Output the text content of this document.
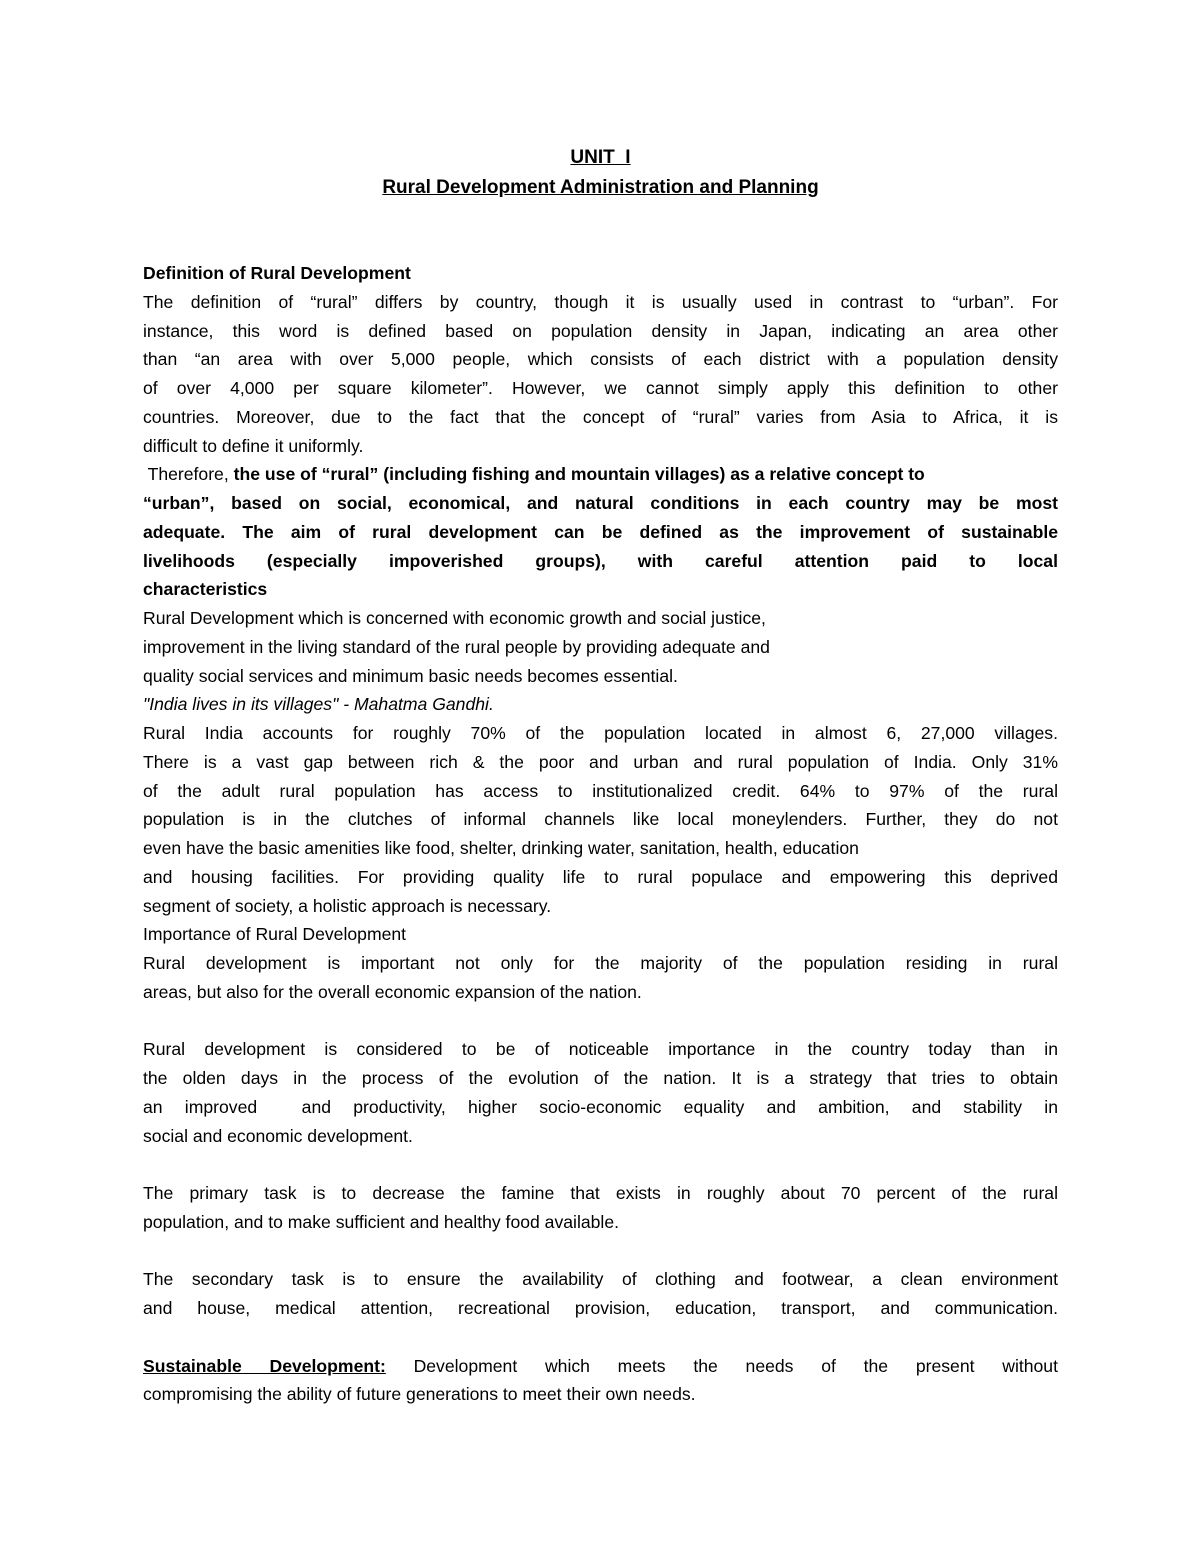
UNIT  I
Rural Development Administration and Planning
Definition of Rural Development
The definition of “rural” differs by country, though it is usually used in contrast to “urban”. For
instance, this word is defined based on population density in Japan, indicating an area other
than “an area with over 5,000 people, which consists of each district with a population density
of over 4,000 per square kilometer”. However, we cannot simply apply this definition to other
countries. Moreover, due to the fact that the concept of “rural” varies from Asia to Africa, it is
difficult to define it uniformly.
Therefore, the use of “rural” (including fishing and mountain villages) as a relative concept to
“urban”, based on social, economical, and natural conditions in each country may be most
adequate. The aim of rural development can be defined as the improvement of sustainable
livelihoods (especially impoverished groups), with careful attention paid to local
characteristics
Rural Development which is concerned with economic growth and social justice,
improvement in the living standard of the rural people by providing adequate and
quality social services and minimum basic needs becomes essential.
"India lives in its villages" - Mahatma Gandhi.
Rural India accounts for roughly 70% of the population located in almost 6, 27,000 villages.
There is a vast gap between rich & the poor and urban and rural population of India. Only 31%
of the adult rural population has access to institutionalized credit. 64% to 97% of the rural
population is in the clutches of informal channels like local moneylenders. Further, they do not
even have the basic amenities like food, shelter, drinking water, sanitation, health, education
and housing facilities. For providing quality life to rural populace and empowering this deprived
segment of society, a holistic approach is necessary.
Importance of Rural Development
Rural development is important not only for the majority of the population residing in rural
areas, but also for the overall economic expansion of the nation.
Rural development is considered to be of noticeable importance in the country today than in
the olden days in the process of the evolution of the nation. It is a strategy that tries to obtain
an improved  and productivity, higher socio-economic equality and ambition, and stability in
social and economic development.
The primary task is to decrease the famine that exists in roughly about 70 percent of the rural
population, and to make sufficient and healthy food available.
The secondary task is to ensure the availability of clothing and footwear, a clean environment
and house, medical attention, recreational provision, education, transport, and communication.
Sustainable Development: Development which meets the needs of the present without
compromising the ability of future generations to meet their own needs.
